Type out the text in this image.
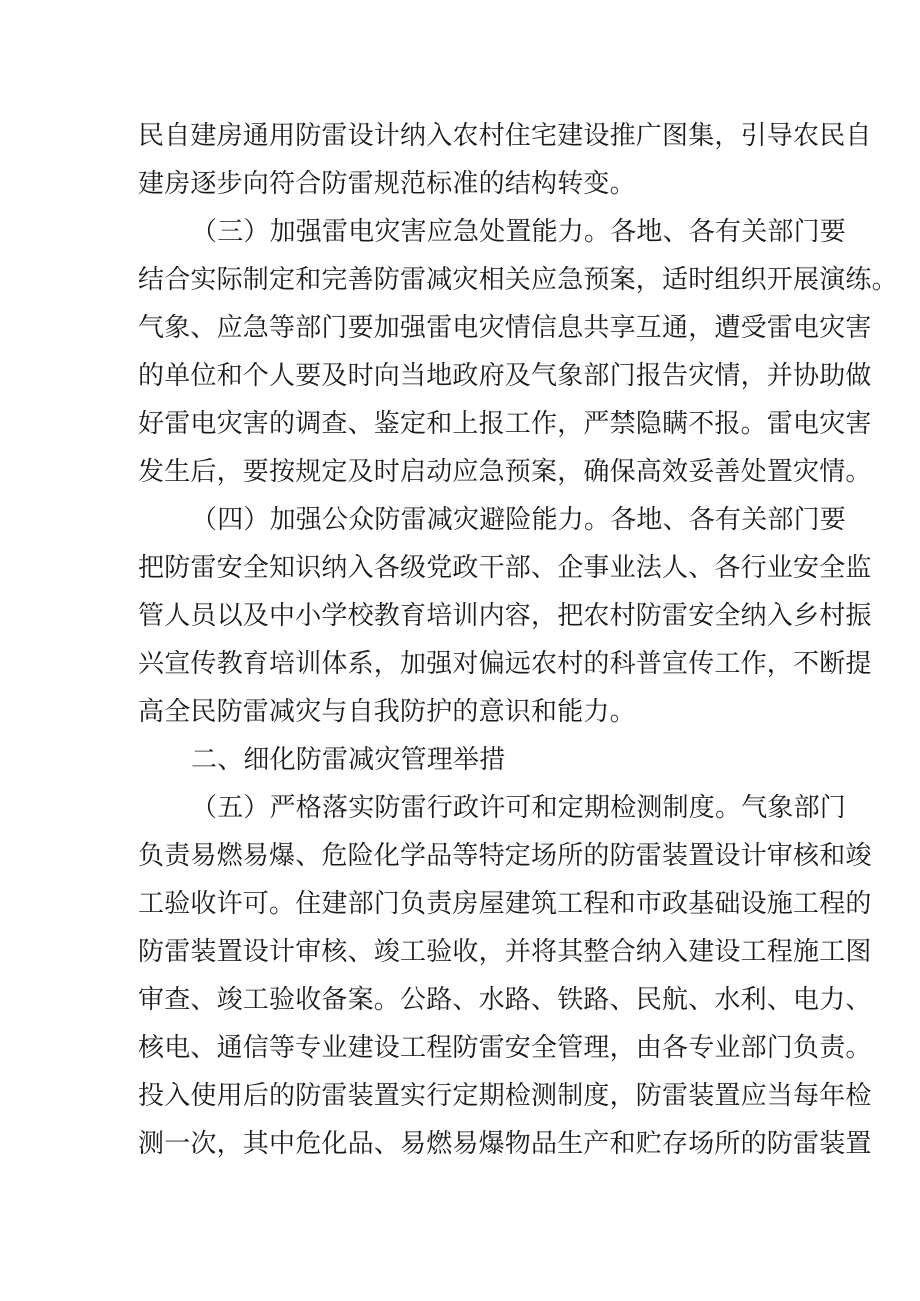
民自建房通用防雷设计纳入农村住宅建设推广图集，引导农民自
建房逐步向符合防雷规范标准的结构转变。
（三）加强雷电灾害应急处置能力。各地、各有关部门要
结合实际制定和完善防雷减灾相关应急预案，适时组织开展演练。
气象、应急等部门要加强雷电灾情信息共享互通，遭受雷电灾害
的单位和个人要及时向当地政府及气象部门报告灾情，并协助做
好雷电灾害的调查、鉴定和上报工作，严禁隐瞒不报。雷电灾害
发生后，要按规定及时启动应急预案，确保高效妥善处置灾情。
（四）加强公众防雷减灾避险能力。各地、各有关部门要
把防雷安全知识纳入各级党政干部、企事业法人、各行业安全监
管人员以及中小学校教育培训内容，把农村防雷安全纳入乡村振
兴宣传教育培训体系，加强对偏远农村的科普宣传工作，不断提
高全民防雷减灾与自我防护的意识和能力。
二、细化防雷减灾管理举措
（五）严格落实防雷行政许可和定期检测制度。气象部门
负责易燃易爆、危险化学品等特定场所的防雷装置设计审核和竣
工验收许可。住建部门负责房屋建筑工程和市政基础设施工程的
防雷装置设计审核、竣工验收，并将其整合纳入建设工程施工图
审查、竣工验收备案。公路、水路、铁路、民航、水利、电力、
核电、通信等专业建设工程防雷安全管理，由各专业部门负责。
投入使用后的防雷装置实行定期检测制度，防雷装置应当每年检
测一次，其中危化品、易燃易爆物品生产和贮存场所的防雷装置
